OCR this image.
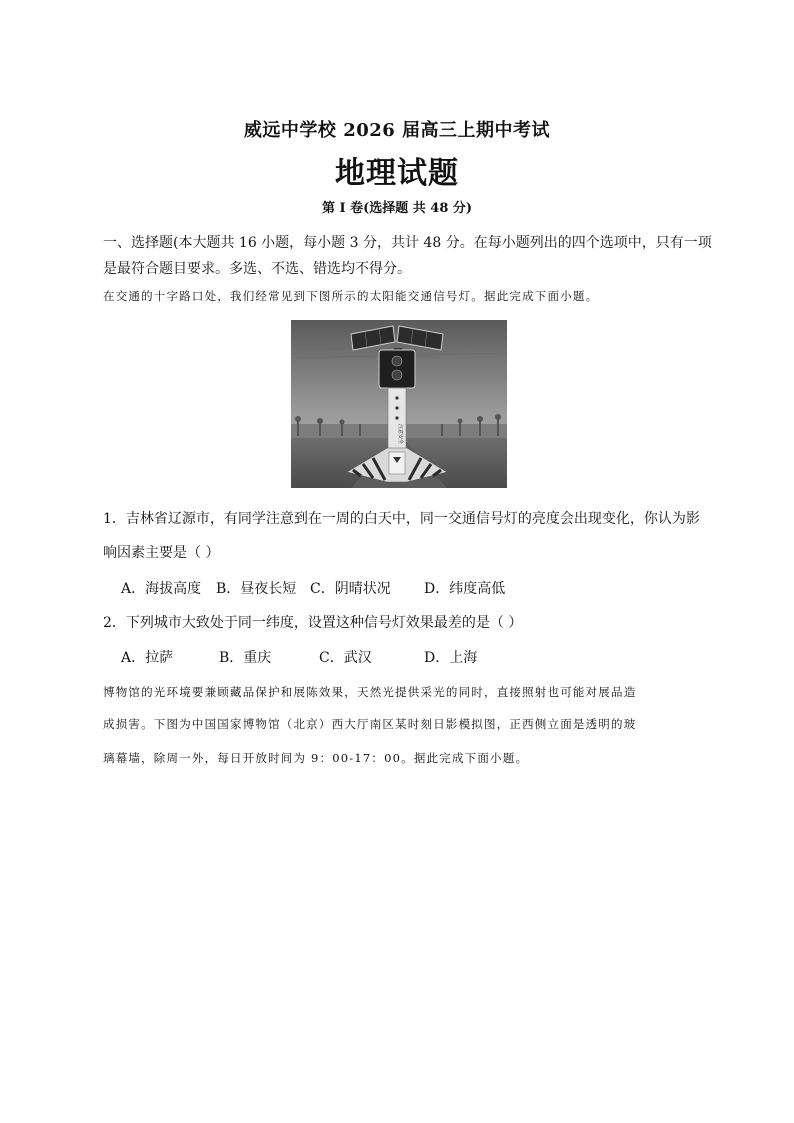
威远中学校 2026 届高三上期中考试
地理试题
第 I 卷(选择题 共 48 分)
一、选择题(本大题共 16 小题，每小题 3 分，共计 48 分。在每小题列出的四个选项中，只有一项
是最符合题目要求。多选、不选、错选均不得分。
在交通的十字路口处，我们经常见到下图所示的太阳能交通信号灯。据此完成下面小题。
注意安全
1．吉林省辽源市，有同学注意到在一周的白天中，同一交通信号灯的亮度会出现变化，你认为影
响因素主要是（ ）
A．海拔高度 B．昼夜长短 C．阴晴状况 D．纬度高低
2．下列城市大致处于同一纬度，设置这种信号灯效果最差的是（ ）
A．拉萨	B．重庆	C．武汉	D．上海
博物馆的光环境要兼顾藏品保护和展陈效果，天然光提供采光的同时，直接照射也可能对展品造
成损害。下图为中国国家博物馆（北京）西大厅南区某时刻日影模拟图，正西侧立面是透明的玻
璃幕墙，除周一外，每日开放时间为 9：00-17：00。据此完成下面小题。
